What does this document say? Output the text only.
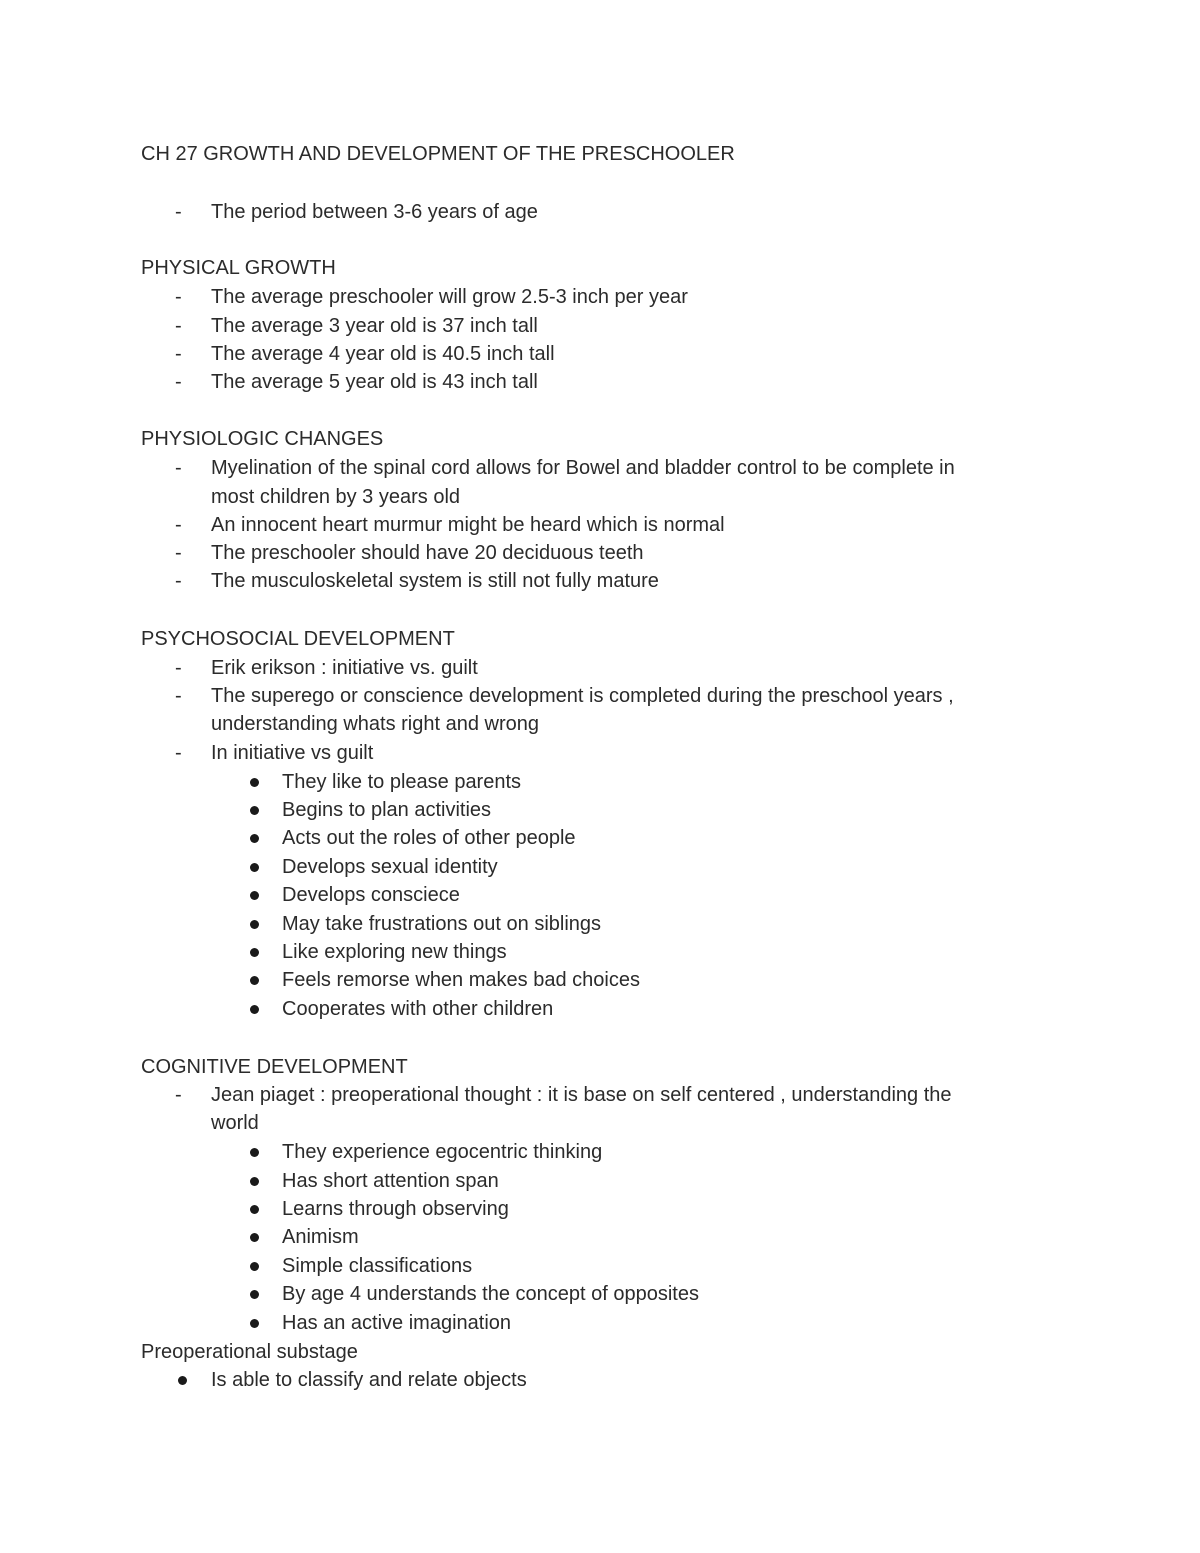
CH 27 GROWTH AND DEVELOPMENT OF THE PRESCHOOLER
- The period between 3-6 years of age
PHYSICAL GROWTH
- The average preschooler will grow 2.5-3 inch per year
- The average 3 year old is 37 inch tall
- The average 4 year old is 40.5 inch tall
- The average 5 year old is 43 inch tall
PHYSIOLOGIC CHANGES
- Myelination of the spinal cord allows for Bowel and bladder control to be complete in
most children by 3 years old
- An innocent heart murmur might be heard which is normal
- The preschooler should have 20 deciduous teeth
- The musculoskeletal system is still not fully mature
PSYCHOSOCIAL DEVELOPMENT
- Erik erikson : initiative vs. guilt
- The superego or conscience development is completed during the preschool years ,
understanding whats right and wrong
- In initiative vs guilt
They like to please parents
Begins to plan activities
Acts out the roles of other people
Develops sexual identity
Develops consciece
May take frustrations out on siblings
Like exploring new things
Feels remorse when makes bad choices
Cooperates with other children
COGNITIVE DEVELOPMENT
- Jean piaget : preoperational thought : it is base on self centered , understanding the
world
They experience egocentric thinking
Has short attention span
Learns through observing
Animism
Simple classifications
By age 4 understands the concept of opposites
Has an active imagination
Preoperational substage
Is able to classify and relate objects
